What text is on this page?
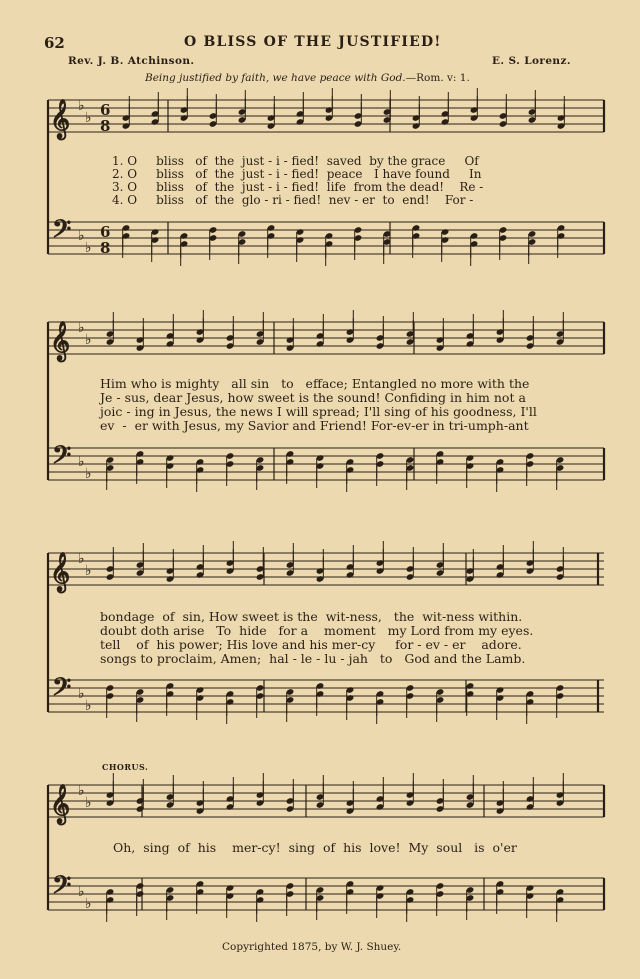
62	O BLISS OF THE JUSTIFIED!
Rev. J. B. Atchinson.	E. S. Lorenz.
Being justified by faith, we have peace with God.—Rom. v: 1.
𝄞
𝄢
♭
♭
♭
♭
6
8
6
8
𝄞
𝄢
♭
♭
♭
♭
𝄞
𝄢
♭
♭
♭
♭
𝄞
𝄢
♭
♭
♭
♭
1. O     bliss   of  the  just - i - fied!  saved  by the grace     Of
2. O     bliss   of  the  just - i - fied!  peace   I have found     In
3. O     bliss   of  the  just - i - fied!  life  from the dead!    Re -
4. O     bliss   of  the  glo - ri - fied!  nev - er  to  end!    For -
Him who is mighty   all sin   to   efface; Entangled no more with the
Je - sus, dear Jesus, how sweet is the sound! Confiding in him not a
joic - ing in Jesus, the news I will spread; I'll sing of his goodness, I'll
ev  -  er with Jesus, my Savior and Friend! For-ev-er in tri-umph-ant
bondage  of  sin, How sweet is the  wit-ness,   the  wit-ness within.
doubt doth arise   To  hide   for a    moment   my Lord from my eyes.
tell    of  his power; His love and his mer-cy     for - ev - er    adore.
songs to proclaim, Amen;  hal - le - lu - jah   to   God and the Lamb.
CHORUS.
Oh,  sing  of  his    mer-cy!  sing  of  his  love!  My  soul   is  o'er
Copyrighted 1875, by W. J. Shuey.
